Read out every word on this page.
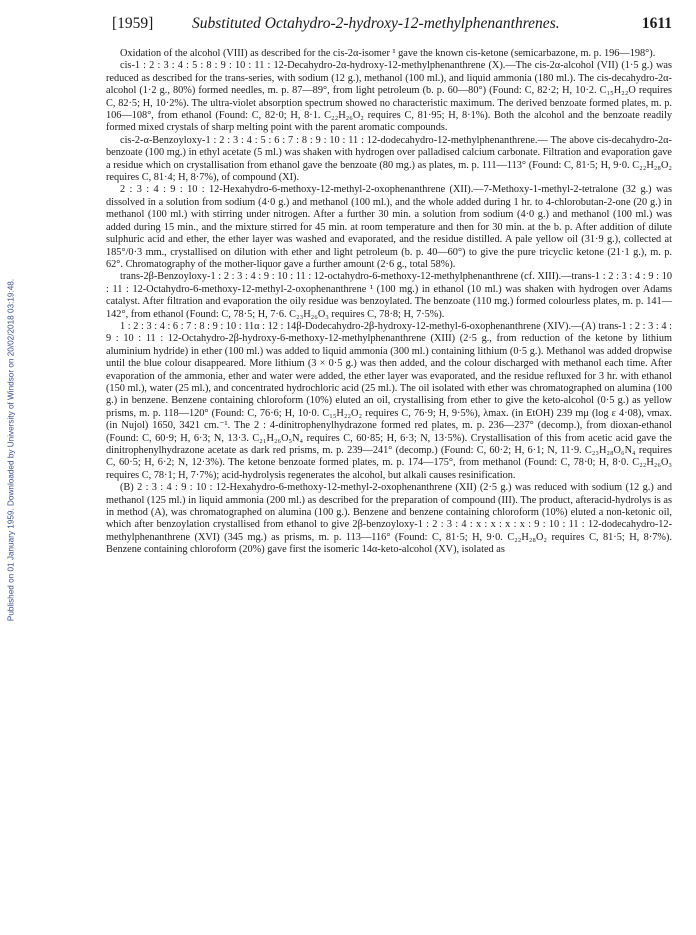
[1959] Substituted Octahydro-2-hydroxy-12-methylphenanthrenes.	1611
Published on 01 January 1959. Downloaded by University of Windsor on 20/02/2018 03:19:48.

Oxidation of the alcohol (VIII) as described for the cis-2α-isomer ¹ gave the known cis-ketone (semicarbazone, m. p. 196—198°).

cis-1 : 2 : 3 : 4 : 5 : 8 : 9 : 10 : 11 : 12-Decahydro-2α-hydroxy-12-methylphenanthrene (X).—The cis-2α-alcohol (VII) (1·5 g.) was reduced as described for the trans-series, with sodium (12 g.), methanol (100 ml.), and liquid ammonia (180 ml.). The cis-decahydro-2α-alcohol (1·2 g., 80%) formed needles, m. p. 87—89°, from light petroleum (b. p. 60—80°) (Found: C, 82·2; H, 10·2. C₁₅H₂₂O requires C, 82·5; H, 10·2%). The ultra-violet absorption spectrum showed no characteristic maximum. The derived benzoate formed plates, m. p. 106—108°, from ethanol (Found: C, 82·0; H, 8·1. C₂₂H₂₆O₂ requires C, 81·95; H, 8·1%). Both the alcohol and the benzoate readily formed mixed crystals of sharp melting point with the parent aromatic compounds.

cis-2-α-Benzoyloxy-1 : 2 : 3 : 4 : 5 : 6 : 7 : 8 : 9 : 10 : 11 : 12-dodecahydro-12-methylphenanthrene.— The above cis-decahydro-2α-benzoate (100 mg.) in ethyl acetate (5 ml.) was shaken with hydrogen over palladised calcium carbonate. Filtration and evaporation gave a residue which on crystallisation from ethanol gave the benzoate (80 mg.) as plates, m. p. 111—113° (Found: C, 81·5; H, 9·0. C₂₂H₂₈O₂ requires C, 81·4; H, 8·7%), of compound (XI).

2 : 3 : 4 : 9 : 10 : 12-Hexahydro-6-methoxy-12-methyl-2-oxophenanthrene (XII).—7-Methoxy-1-methyl-2-tetralone (32 g.) was dissolved in a solution from sodium (4·0 g.) and methanol (100 ml.), and the whole added during 1 hr. to 4-chlorobutan-2-one (20 g.) in methanol (100 ml.) with stirring under nitrogen. After a further 30 min. a solution from sodium (4·0 g.) and methanol (100 ml.) was added during 15 min., and the mixture stirred for 45 min. at room temperature and then for 30 min. at the b. p. After addition of dilute sulphuric acid and ether, the ether layer was washed and evaporated, and the residue distilled. A pale yellow oil (31·9 g.), collected at 185°/0·3 mm., crystallised on dilution with ether and light petroleum (b. p. 40—60°) to give the pure tricyclic ketone (21·1 g.), m. p. 62°. Chromatography of the mother-liquor gave a further amount (2·6 g., total 58%).

trans-2β-Benzoyloxy-1 : 2 : 3 : 4 : 9 : 10 : 11 : 12-octahydro-6-methoxy-12-methylphenanthrene (cf. XIII).—trans-1 : 2 : 3 : 4 : 9 : 10 : 11 : 12-Octahydro-6-methoxy-12-methyl-2-oxophenanthrene ¹ (100 mg.) in ethanol (10 ml.) was shaken with hydrogen over Adams catalyst. After filtration and evaporation the oily residue was benzoylated. The benzoate (110 mg.) formed colourless plates, m. p. 141—142°, from ethanol (Found: C, 78·5; H, 7·6. C₂₃H₂₆O₃ requires C, 78·8; H, 7·5%).

1 : 2 : 3 : 4 : 6 : 7 : 8 : 9 : 10 : 11α : 12 : 14β-Dodecahydro-2β-hydroxy-12-methyl-6-oxophenanthrene (XIV).—(A) trans-1 : 2 : 3 : 4 : 9 : 10 : 11 : 12-Octahydro-2β-hydroxy-6-methoxy-12-methylphenanthrene (XIII) (2·5 g., from reduction of the ketone by lithium aluminium hydride) in ether (100 ml.) was added to liquid ammonia (300 ml.) containing lithium (0·5 g.). Methanol was added dropwise until the blue colour disappeared. More lithium (3 × 0·5 g.) was then added, and the colour discharged with methanol each time. After evaporation of the ammonia, ether and water were added, the ether layer was evaporated, and the residue refluxed for 3 hr. with ethanol (150 ml.), water (25 ml.), and concentrated hydrochloric acid (25 ml.). The oil isolated with ether was chromatographed on alumina (100 g.) in benzene. Benzene containing chloroform (10%) eluted an oil, crystallising from ether to give the keto-alcohol (0·5 g.) as yellow prisms, m. p. 118—120° (Found: C, 76·6; H, 10·0. C₁₅H₂₂O₂ requires C, 76·9; H, 9·5%), λmax. (in EtOH) 239 mμ (log ε 4·08), νmax. (in Nujol) 1650, 3421 cm.⁻¹. The 2 : 4-dinitrophenylhydrazone formed red plates, m. p. 236—237° (decomp.), from dioxan-ethanol (Found: C, 60·9; H, 6·3; N, 13·3. C₂₁H₂₆O₅N₄ requires C, 60·85; H, 6·3; N, 13·5%). Crystallisation of this from acetic acid gave the dinitrophenylhydrazone acetate as dark red prisms, m. p. 239—241° (decomp.) (Found: C, 60·2; H, 6·1; N, 11·9. C₂₃H₂₈O₆N₄ requires C, 60·5; H, 6·2; N, 12·3%). The ketone benzoate formed plates, m. p. 174—175°, from methanol (Found: C, 78·0; H, 8·0. C₂₂H₂₆O₃ requires C, 78·1; H, 7·7%); acid-hydrolysis regenerates the alcohol, but alkali causes resinification.

(B) 2 : 3 : 4 : 9 : 10 : 12-Hexahydro-6-methoxy-12-methyl-2-oxophenanthrene (XII) (2·5 g.) was reduced with sodium (12 g.) and methanol (125 ml.) in liquid ammonia (200 ml.) as described for the preparation of compound (III). The product, afteracid-hydrolys is as in method (A), was chromatographed on alumina (100 g.). Benzene and benzene containing chloroform (10%) eluted a non-ketonic oil, which after benzoylation crystallised from ethanol to give 2β-benzoyloxy-1 : 2 : 3 : 4 : x : x : x : x : 9 : 10 : 11 : 12-dodecahydro-12-methylphenanthrene (XVI) (345 mg.) as prisms, m. p. 113—116° (Found: C, 81·5; H, 9·0. C₂₂H₂₈O₂ requires C, 81·5; H, 8·7%). Benzene containing chloroform (20%) gave first the isomeric 14α-keto-alcohol (XV), isolated as
